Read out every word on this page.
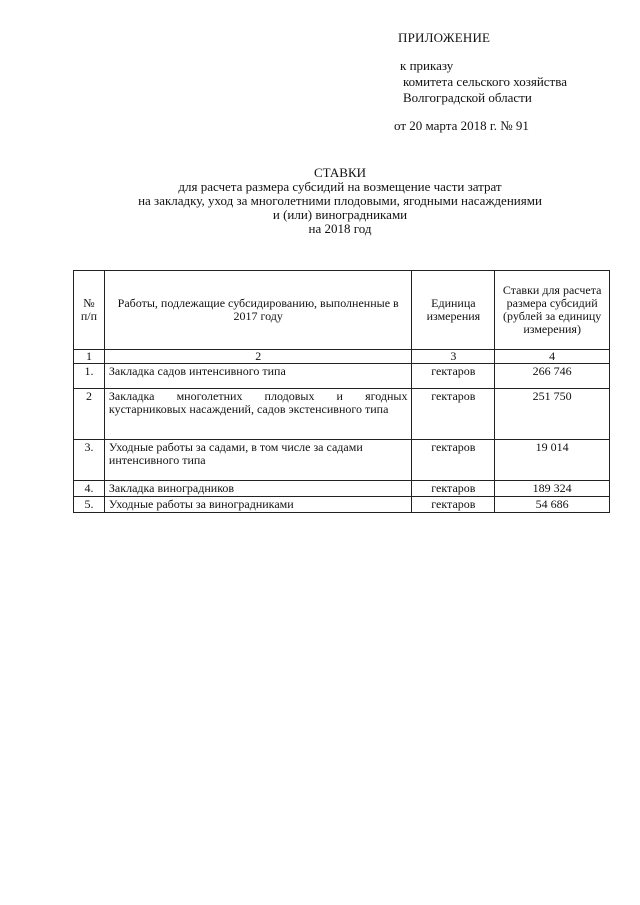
ПРИЛОЖЕНИЕ
к приказу
комитета сельского хозяйства
Волгоградской области
от 20 марта 2018 г. № 91
СТАВКИ
для расчета размера субсидий на возмещение части затрат
на закладку, уход за многолетними плодовыми, ягодными насаждениями
и (или) виноградниками
на 2018 год
№ п/п	Работы, подлежащие субсидированию, выполненные в 2017 году	Единица измерения	Ставки для расчета размера субсидий (рублей за единицу измерения)
1	2	3	4
1.	Закладка садов интенсивного типа	гектаров	266 746
2	Закладка многолетних плодовых и ягодных кустарниковых насаждений, садов экстенсивного типа	гектаров	251 750
3.	Уходные работы за садами, в том числе за садами интенсивного типа	гектаров	19 014
4.	Закладка виноградников	гектаров	189 324
5.	Уходные работы за виноградниками	гектаров	54 686
